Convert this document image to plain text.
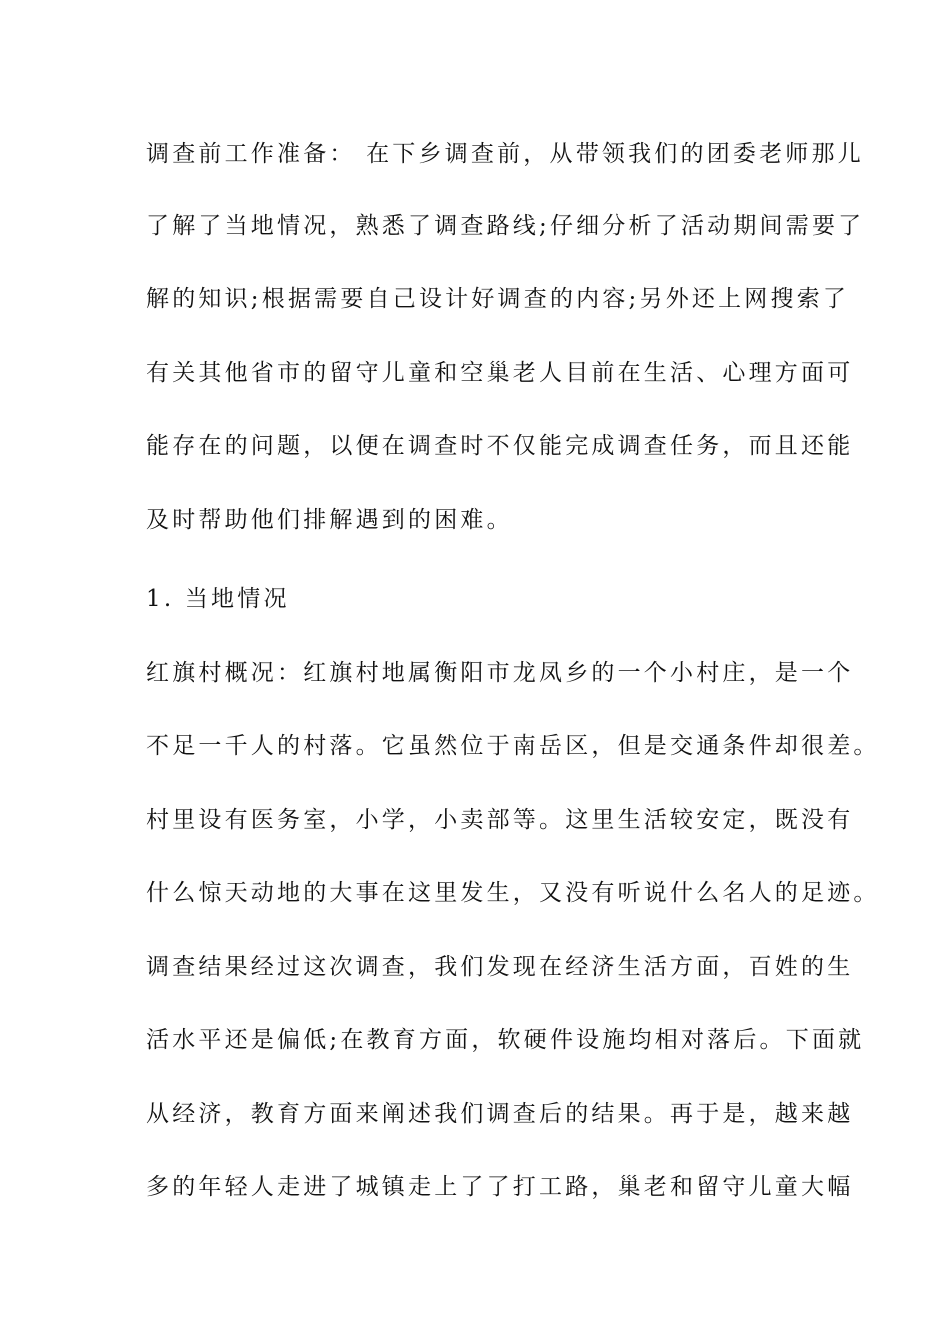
调查前工作准备： 在下乡调查前，从带领我们的团委老师那儿
了解了当地情况，熟悉了调查路线;仔细分析了活动期间需要了
解的知识;根据需要自己设计好调查的内容;另外还上网搜索了
有关其他省市的留守儿童和空巢老人目前在生活、心理方面可
能存在的问题，以便在调查时不仅能完成调查任务，而且还能
及时帮助他们排解遇到的困难。
1. 当地情况
红旗村概况：红旗村地属衡阳市龙凤乡的一个小村庄，是一个
不足一千人的村落。它虽然位于南岳区，但是交通条件却很差。
村里设有医务室，小学，小卖部等。这里生活较安定，既没有
什么惊天动地的大事在这里发生，又没有听说什么名人的足迹。
调查结果经过这次调查，我们发现在经济生活方面，百姓的生
活水平还是偏低;在教育方面，软硬件设施均相对落后。下面就
从经济，教育方面来阐述我们调查后的结果。再于是，越来越
多的年轻人走进了城镇走上了了打工路，巢老和留守儿童大幅
